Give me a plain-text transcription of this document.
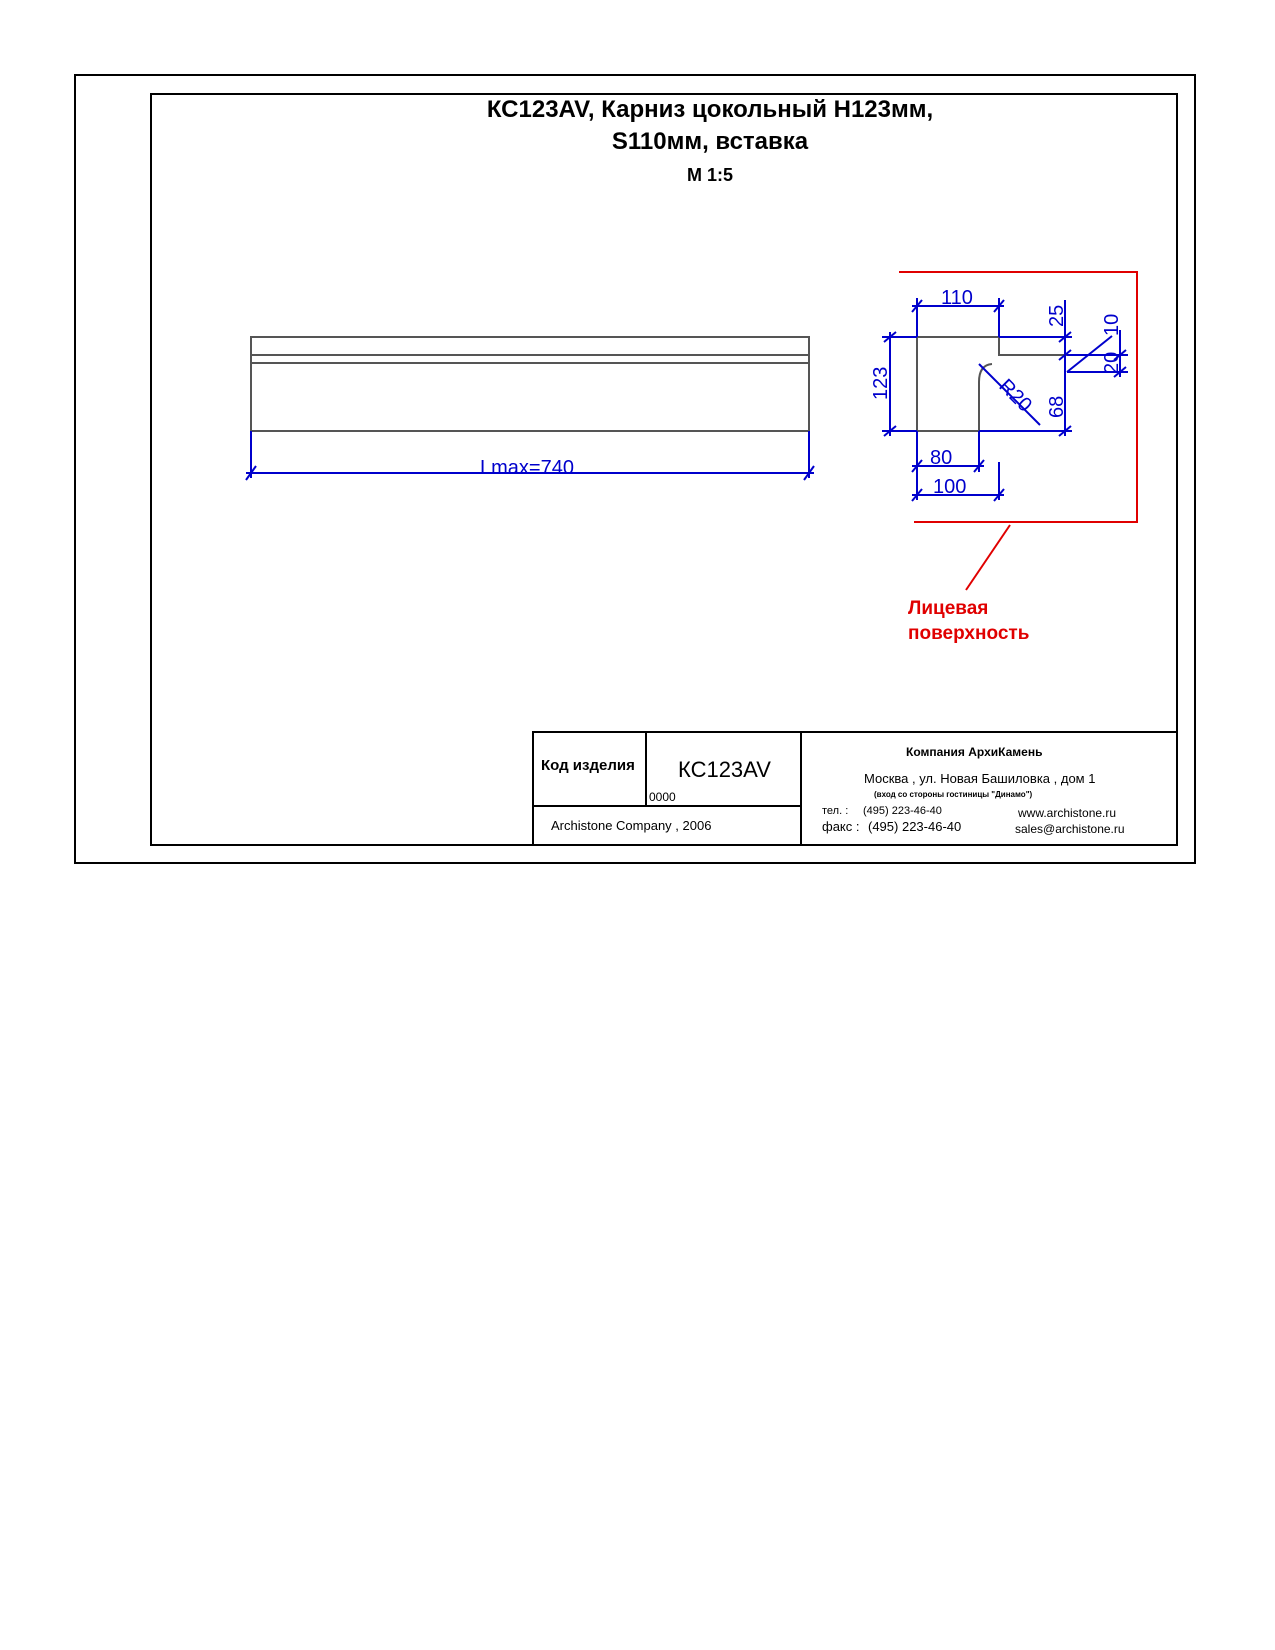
КС123AV, Карниз цокольный Н123мм,
S110мм, вставка
М 1:5
Lmax=740
110
123
25 10
20
R20 68
80
100
Лицевая
поверхность
Код изделия КС123AV
0000
Archistone Company , 2006
Компания АрхиКамень
Москва , ул. Новая Башиловка , дом 1
(вход со стороны гостиницы "Динамо")
тел. : (495) 223-46-40
факс : (495) 223-46-40
www.archistone.ru
sales@archistone.ru
